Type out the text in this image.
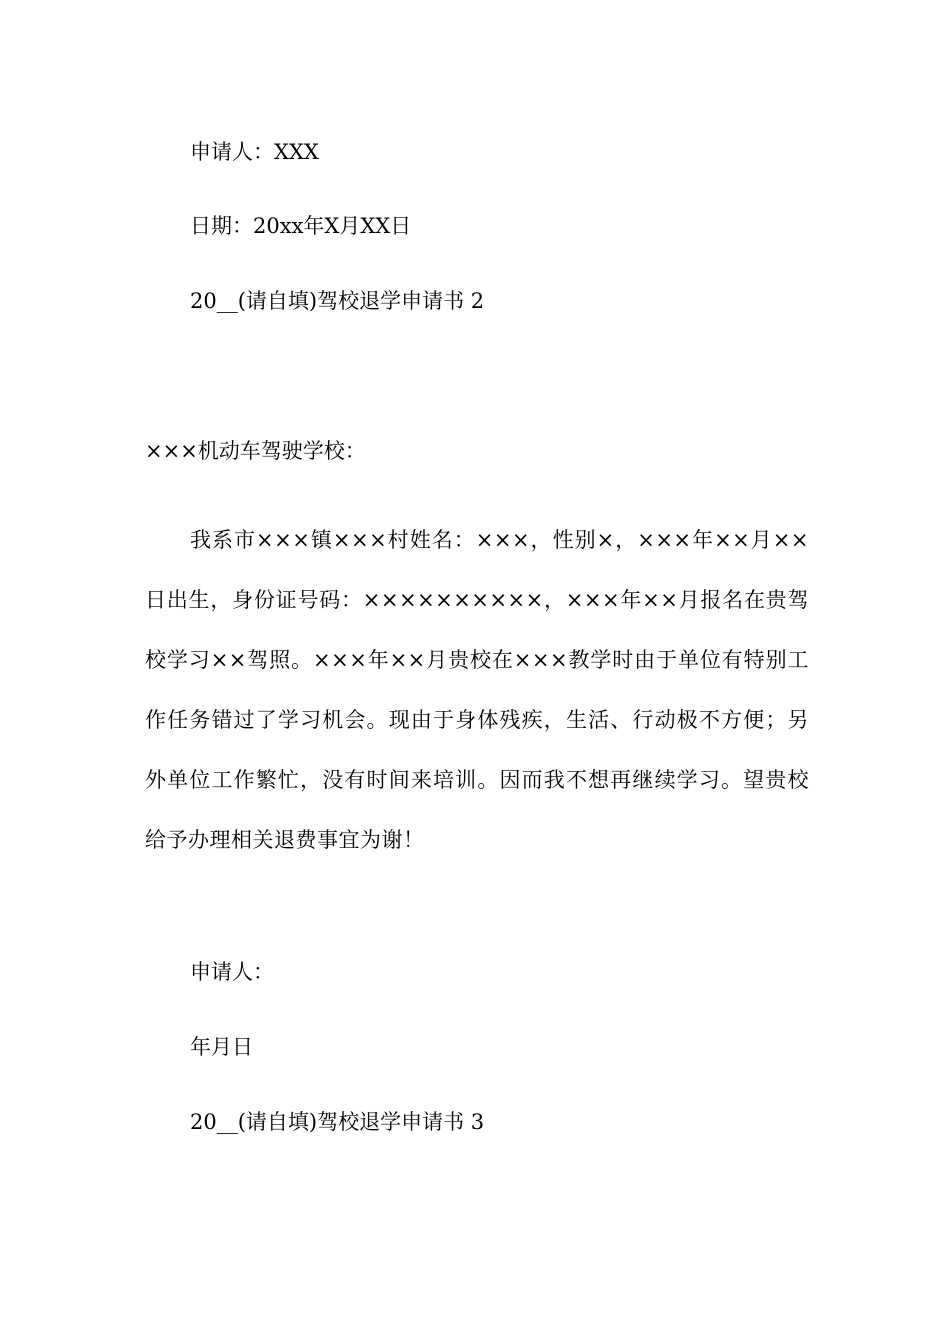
申请人：XXX

日期：20xx年X月XX日

20__(请自填)驾校退学申请书 2

×××机动车驾驶学校：

我系市×××镇×××村姓名：×××，性别×，×××年××月××日出生，身份证号码：××××××××××，×××年××月报名在贵驾校学习××驾照。×××年××月贵校在×××教学时由于单位有特别工作任务错过了学习机会。现由于身体残疾，生活、行动极不方便；另外单位工作繁忙，没有时间来培训。因而我不想再继续学习。望贵校给予办理相关退费事宜为谢！

申请人：

年月日

20__(请自填)驾校退学申请书 3
